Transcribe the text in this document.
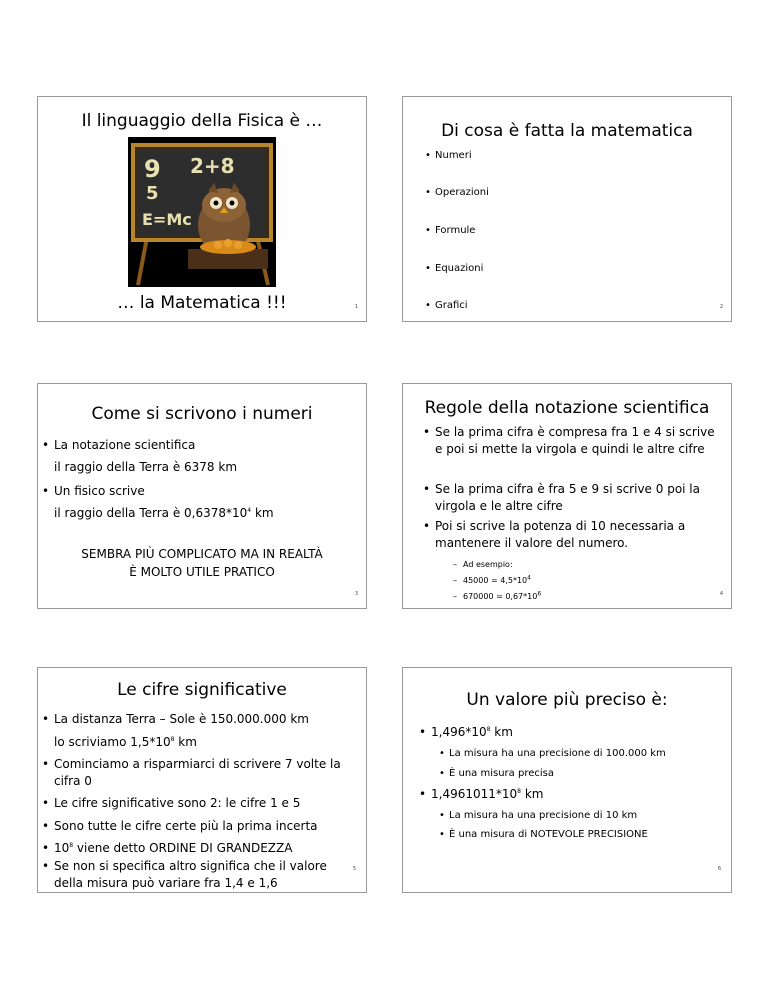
Il linguaggio della Fisica è …
9 2+8
5
E=Mc
… la Matematica !!!	1
Di cosa è fatta la matematica
• Numeri
• Operazioni
• Formule
• Equazioni
• Grafici	2
Come si scrivono i numeri
• La notazione scientifica
il raggio della Terra è 6378 km
• Un fisico scrive
il raggio della Terra è $0,6378*10^4$ km
SEMBRA PIÙ COMPLICATO MA IN REALTÀ
È MOLTO UTILE PRATICO
3
Regole della notazione scientifica
• Se la prima cifra è compresa fra 1 e 4 si scrive e poi si mette la virgola e quindi le altre cifre
• Se la prima cifra è fra 5 e 9 si scrive 0 poi la virgola e le altre cifre
• Poi si scrive la potenza di 10 necessaria a mantenere il valore del numero.
– Ad esempio:
– $45000 = 4,5*10^4$
– $670000 = 0,67*10^6$	4
Le cifre significative
• La distanza Terra – Sole è 150.000.000 km
lo scriviamo $1,5*10^8$ km
• Cominciamo a risparmiarci di scrivere 7 volte la cifra 0
• Le cifre significative sono 2: le cifre 1 e 5
• Sono tutte le cifre certe più la prima incerta
• $10^8$ viene detto ORDINE DI GRANDEZZA
• Se non si specifica altro significa che il valore della misura può variare fra 1,4 e 1,6
5
Un valore più preciso è:
• $1,496*10^8$ km
• La misura ha una precisione di 100.000 km
• È una misura precisa
• $1,4961011*10^8$ km
• La misura ha una precisione di 10 km
• È una misura di NOTEVOLE PRECISIONE
6
